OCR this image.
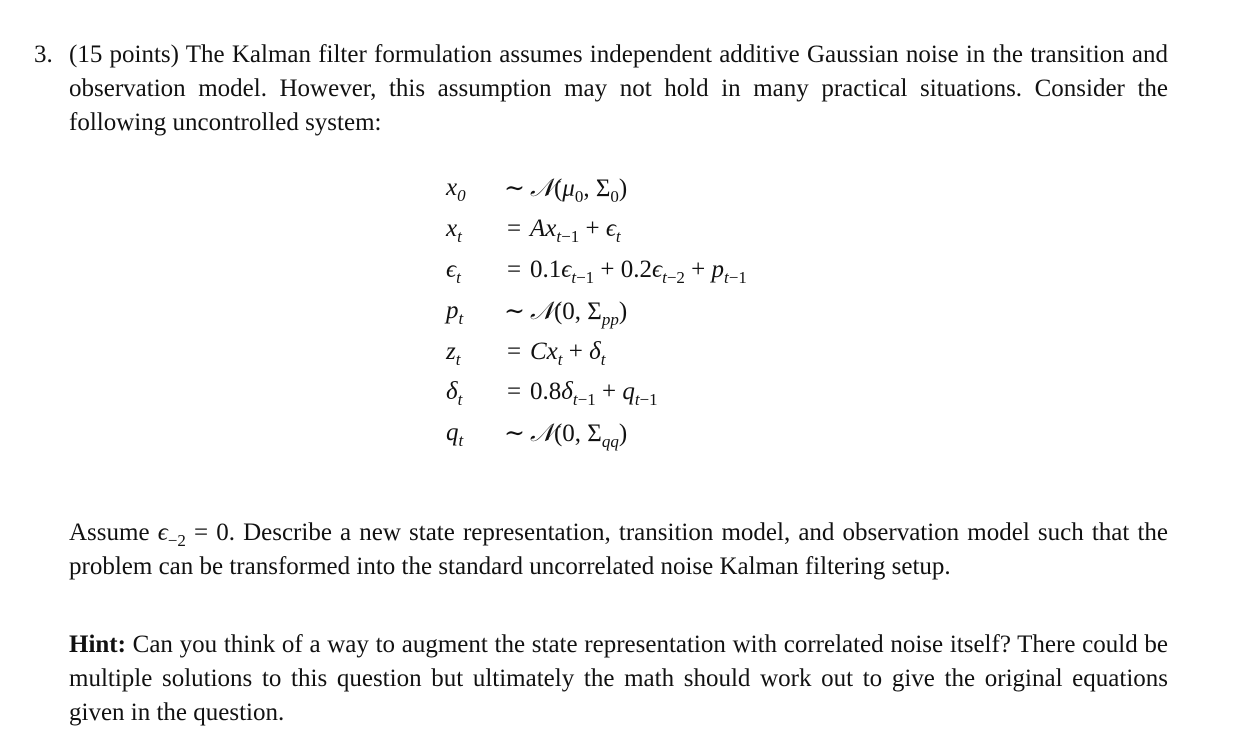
3. (15 points) The Kalman filter formulation assumes independent additive Gaussian noise in the transition and observation model. However, this assumption may not hold in many practical situations. Consider the following uncontrolled system:
$x_0$	∼ $𝒩(\mu_0$, $\Sigma_0$)
$x_t$	= $Ax_{t-1} + \epsilon_t$
$\epsilon_t$	= $0.1\epsilon_{t-1} + 0.2\epsilon_{t-2} + p_{t-1}$
$p_t$	∼ 𝒩(0, $\Sigma_{pp}$)
$z_t$	= $Cx_t + \delta_t$
$\delta_t$	= $0.8\delta_{t-1} + q_{t-1}$
$q_t$	∼ 𝒩(0, $\Sigma_{qq}$)
Assume $\epsilon_{-2} = 0$. Describe a new state representation, transition model, and observation model such that the problem can be transformed into the standard uncorrelated noise Kalman filtering setup.
Hint: Can you think of a way to augment the state representation with correlated noise itself? There could be multiple solutions to this question but ultimately the math should work out to give the original equations given in the question.
